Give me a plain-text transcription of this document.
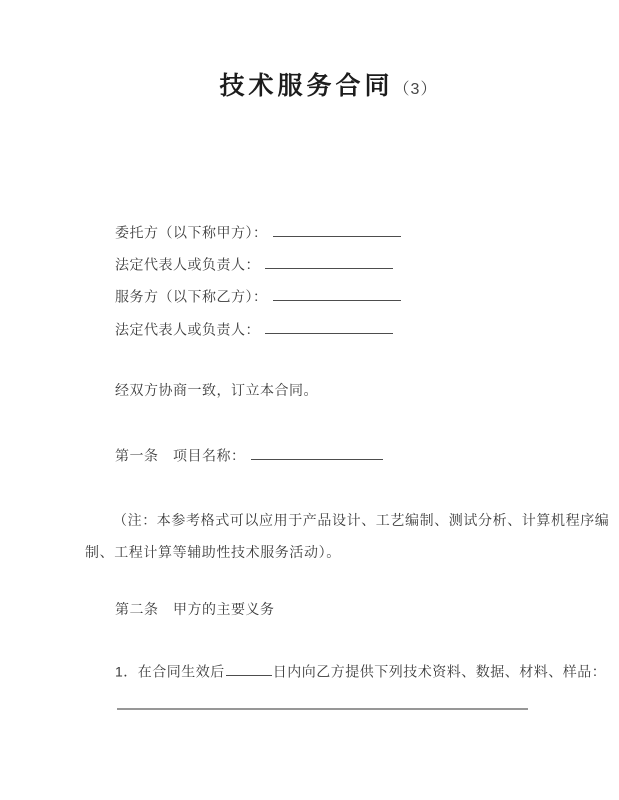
技术服务合同（3）
委托方（以下称甲方）：
法定代表人或负责人：
服务方（以下称乙方）：
法定代表人或负责人：
经双方协商一致，订立本合同。
第一条　项目名称：
（注：本参考格式可以应用于产品设计、工艺编制、测试分析、计算机程序编
制、工程计算等辅助性技术服务活动）。
第二条　甲方的主要义务
1．在合同生效后	日内向乙方提供下列技术资料、数据、材料、样品：
